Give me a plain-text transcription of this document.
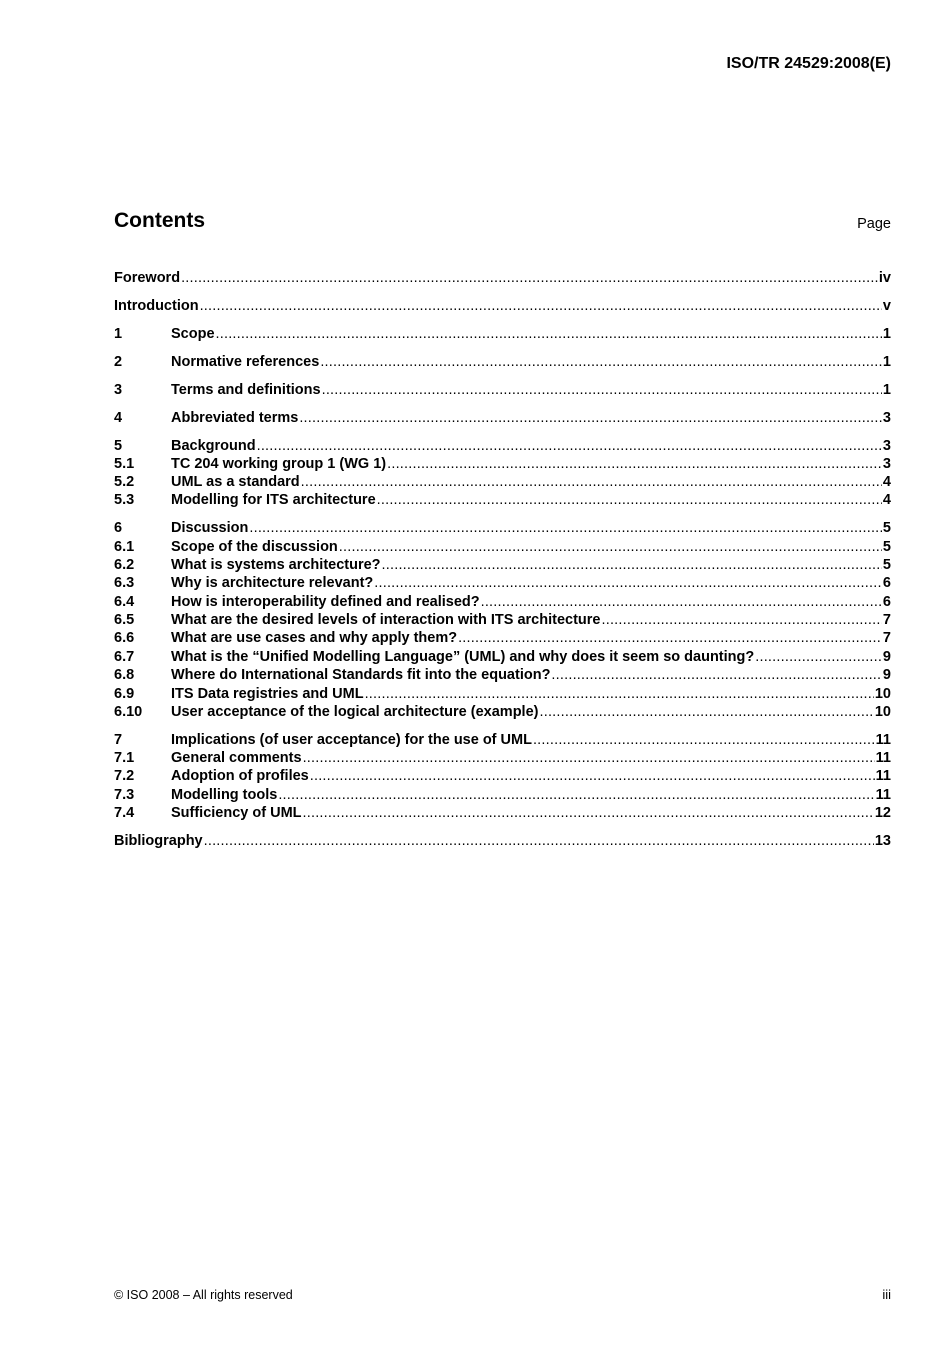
ISO/TR 24529:2008(E)
Contents	Page
Foreword .....	iv
Introduction .....	v
1	Scope .....	1
2	Normative references .....	1
3	Terms and definitions .....	1
4	Abbreviated terms .....	3
5	Background .....	3
5.1	TC 204 working group 1 (WG 1) .....	3
5.2	UML as a standard .....	4
5.3	Modelling for ITS architecture .....	4
6	Discussion .....	5
6.1	Scope of the discussion .....	5
6.2	What is systems architecture? .....	5
6.3	Why is architecture relevant? .....	6
6.4	How is interoperability defined and realised? .....	6
6.5	What are the desired levels of interaction with ITS architecture .....	7
6.6	What are use cases and why apply them? .....	7
6.7	What is the “Unified Modelling Language” (UML) and why does it seem so daunting? .....	9
6.8	Where do International Standards fit into the equation? .....	9
6.9	ITS Data registries and UML .....	10
6.10	User acceptance of the logical architecture (example) .....	10
7	Implications (of user acceptance) for the use of UML .....	11
7.1	General comments .....	11
7.2	Adoption of profiles .....	11
7.3	Modelling tools .....	11
7.4	Sufficiency of UML .....	12
Bibliography .....	13
© ISO 2008 – All rights reserved	iii
